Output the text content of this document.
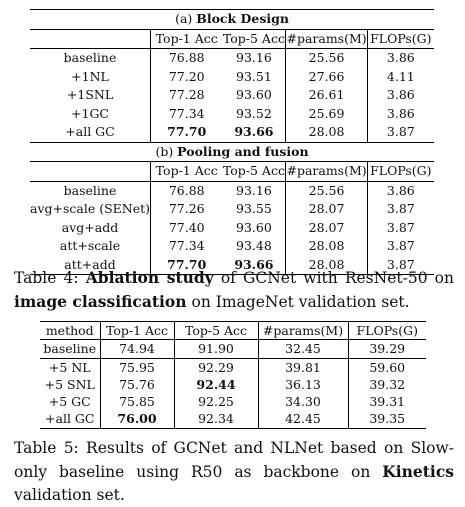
(a) Block Design				
	Top-1 Acc	Top-5 Acc	#params(M)	FLOPs(G)
baseline	76.88	93.16	25.56	3.86
+1NL	77.20	93.51	27.66	4.11
+1SNL	77.28	93.60	26.61	3.86
+1GC	77.34	93.52	25.69	3.86
+all GC	77.70	93.66	28.08	3.87
(b) Pooling and fusion				
	Top-1 Acc	Top-5 Acc	#params(M)	FLOPs(G)
baseline	76.88	93.16	25.56	3.86
avg+scale (SENet)	77.26	93.55	28.07	3.87
avg+add	77.40	93.60	28.07	3.87
att+scale	77.34	93.48	28.08	3.87
att+add	77.70	93.66	28.08	3.87
Table 4: Ablation study of GCNet with ResNet-50 on image classification on ImageNet validation set.
method	Top-1 Acc	Top-5 Acc	#params(M)	FLOPs(G)
baseline	74.94	91.90	32.45	39.29
+5 NL	75.95	92.29	39.81	59.60
+5 SNL	75.76	92.44	36.13	39.32
+5 GC	75.85	92.25	34.30	39.31
+all GC	76.00	92.34	42.45	39.35
Table 5: Results of GCNet and NLNet based on Slow-only baseline using R50 as backbone on Kinetics validation set.
